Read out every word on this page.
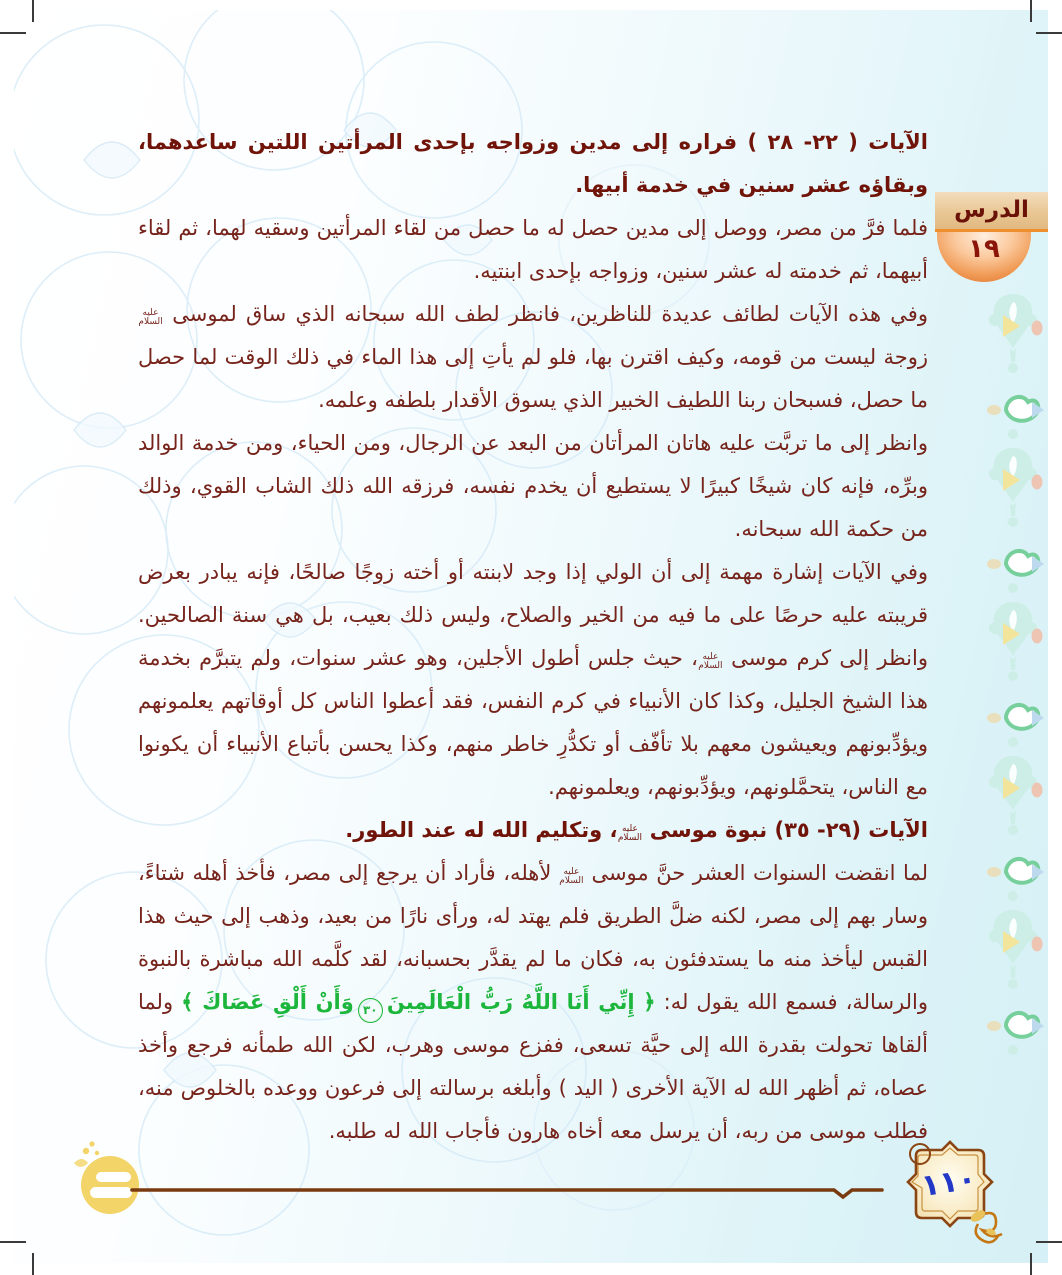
الدرس
١٩
الآيات ( ٢٢- ٢٨ ) فراره إلى مدين وزواجه بإحدى المرأتين اللتين ساعدهما، وبقاؤه عشر سنين في خدمة أبيها.

فلما فرَّ من مصر، ووصل إلى مدين حصل له ما حصل من لقاء المرأتين وسقيه لهما، ثم لقاء أبيهما، ثم خدمته له عشر سنين، وزواجه بإحدى ابنتيه.

وفي هذه الآيات لطائف عديدة للناظرين، فانظر لطف الله سبحانه الذي ساق لموسى عليه السلام زوجة ليست من قومه، وكيف اقترن بها، فلو لم يأتِ إلى هذا الماء في ذلك الوقت لما حصل ما حصل، فسبحان ربنا اللطيف الخبير الذي يسوق الأقدار بلطفه وعلمه.

وانظر إلى ما تربَّت عليه هاتان المرأتان من البعد عن الرجال، ومن الحياء، ومن خدمة الوالد وبرِّه، فإنه كان شيخًا كبيرًا لا يستطيع أن يخدم نفسه، فرزقه الله ذلك الشاب القوي، وذلك من حكمة الله سبحانه.

وفي الآيات إشارة مهمة إلى أن الولي إذا وجد لابنته أو أخته زوجًا صالحًا، فإنه يبادر بعرض قريبته عليه حرصًا على ما فيه من الخير والصلاح، وليس ذلك بعيب، بل هي سنة الصالحين. وانظر إلى كرم موسى عليه السلام، حيث جلس أطول الأجلين، وهو عشر سنوات، ولم يتبرَّم بخدمة هذا الشيخ الجليل، وكذا كان الأنبياء في كرم النفس، فقد أعطوا الناس كل أوقاتهم يعلمونهم ويؤدِّبونهم ويعيشون معهم بلا تأفّف أو تكدُّرِ خاطر منهم، وكذا يحسن بأتباع الأنبياء أن يكونوا مع الناس، يتحمَّلونهم، ويؤدِّبونهم، ويعلمونهم.

الآيات (٢٩- ٣٥) نبوة موسى عليه السلام، وتكليم الله له عند الطور.

لما انقضت السنوات العشر حنَّ موسى عليه السلام لأهله، فأراد أن يرجع إلى مصر، فأخذ أهله شتاءً، وسار بهم إلى مصر، لكنه ضلَّ الطريق فلم يهتد له، ورأى نارًا من بعيد، وذهب إلى حيث هذا القبس ليأخذ منه ما يستدفئون به، فكان ما لم يقدَّر بحسبانه، لقد كلَّمه الله مباشرة بالنبوة والرسالة، فسمع الله يقول له: ﴿ إِنِّي أَنَا اللَّهُ رَبُّ الْعَالَمِينَ٣٠وَأَنْ أَلْقِ عَصَاكَ ﴾ ولما ألقاها تحولت بقدرة الله إلى حيَّة تسعى، ففزع موسى وهرب، لكن الله طمأنه فرجع وأخذ عصاه، ثم أظهر الله له الآية الأخرى ( اليد ) وأبلغه برسالته إلى فرعون ووعده بالخلوص منه، فطلب موسى من ربه، أن يرسل معه أخاه هارون فأجاب الله له طلبه.

١١٠
